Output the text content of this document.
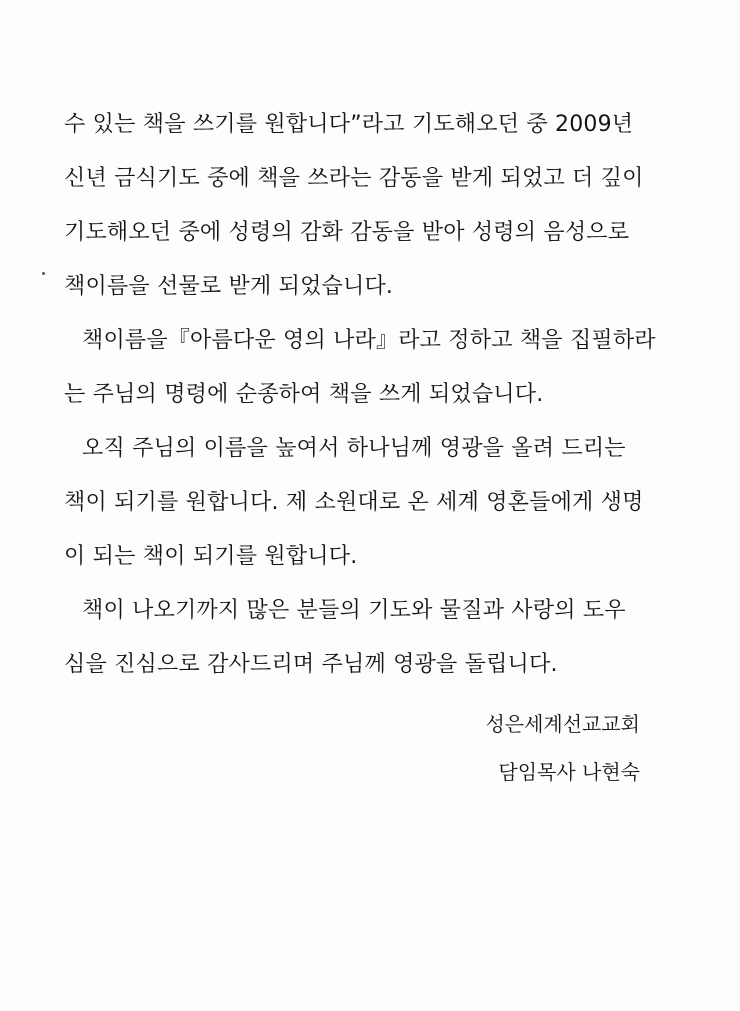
수 있는 책을 쓰기를 원합니다”라고 기도해오던 중 2009년
신년 금식기도 중에 책을 쓰라는 감동을 받게 되었고 더 깊이
기도해오던 중에 성령의 감화 감동을 받아 성령의 음성으로
책이름을 선물로 받게 되었습니다.
책이름을『아름다운 영의 나라』라고 정하고 책을 집필하라
는 주님의 명령에 순종하여 책을 쓰게 되었습니다.
오직 주님의 이름을 높여서 하나님께 영광을 올려 드리는
책이 되기를 원합니다. 제 소원대로 온 세계 영혼들에게 생명
이 되는 책이 되기를 원합니다.
책이 나오기까지 많은 분들의 기도와 물질과 사랑의 도우
심을 진심으로 감사드리며 주님께 영광을 돌립니다.
성은세계선교교회
담임목사 나현숙
